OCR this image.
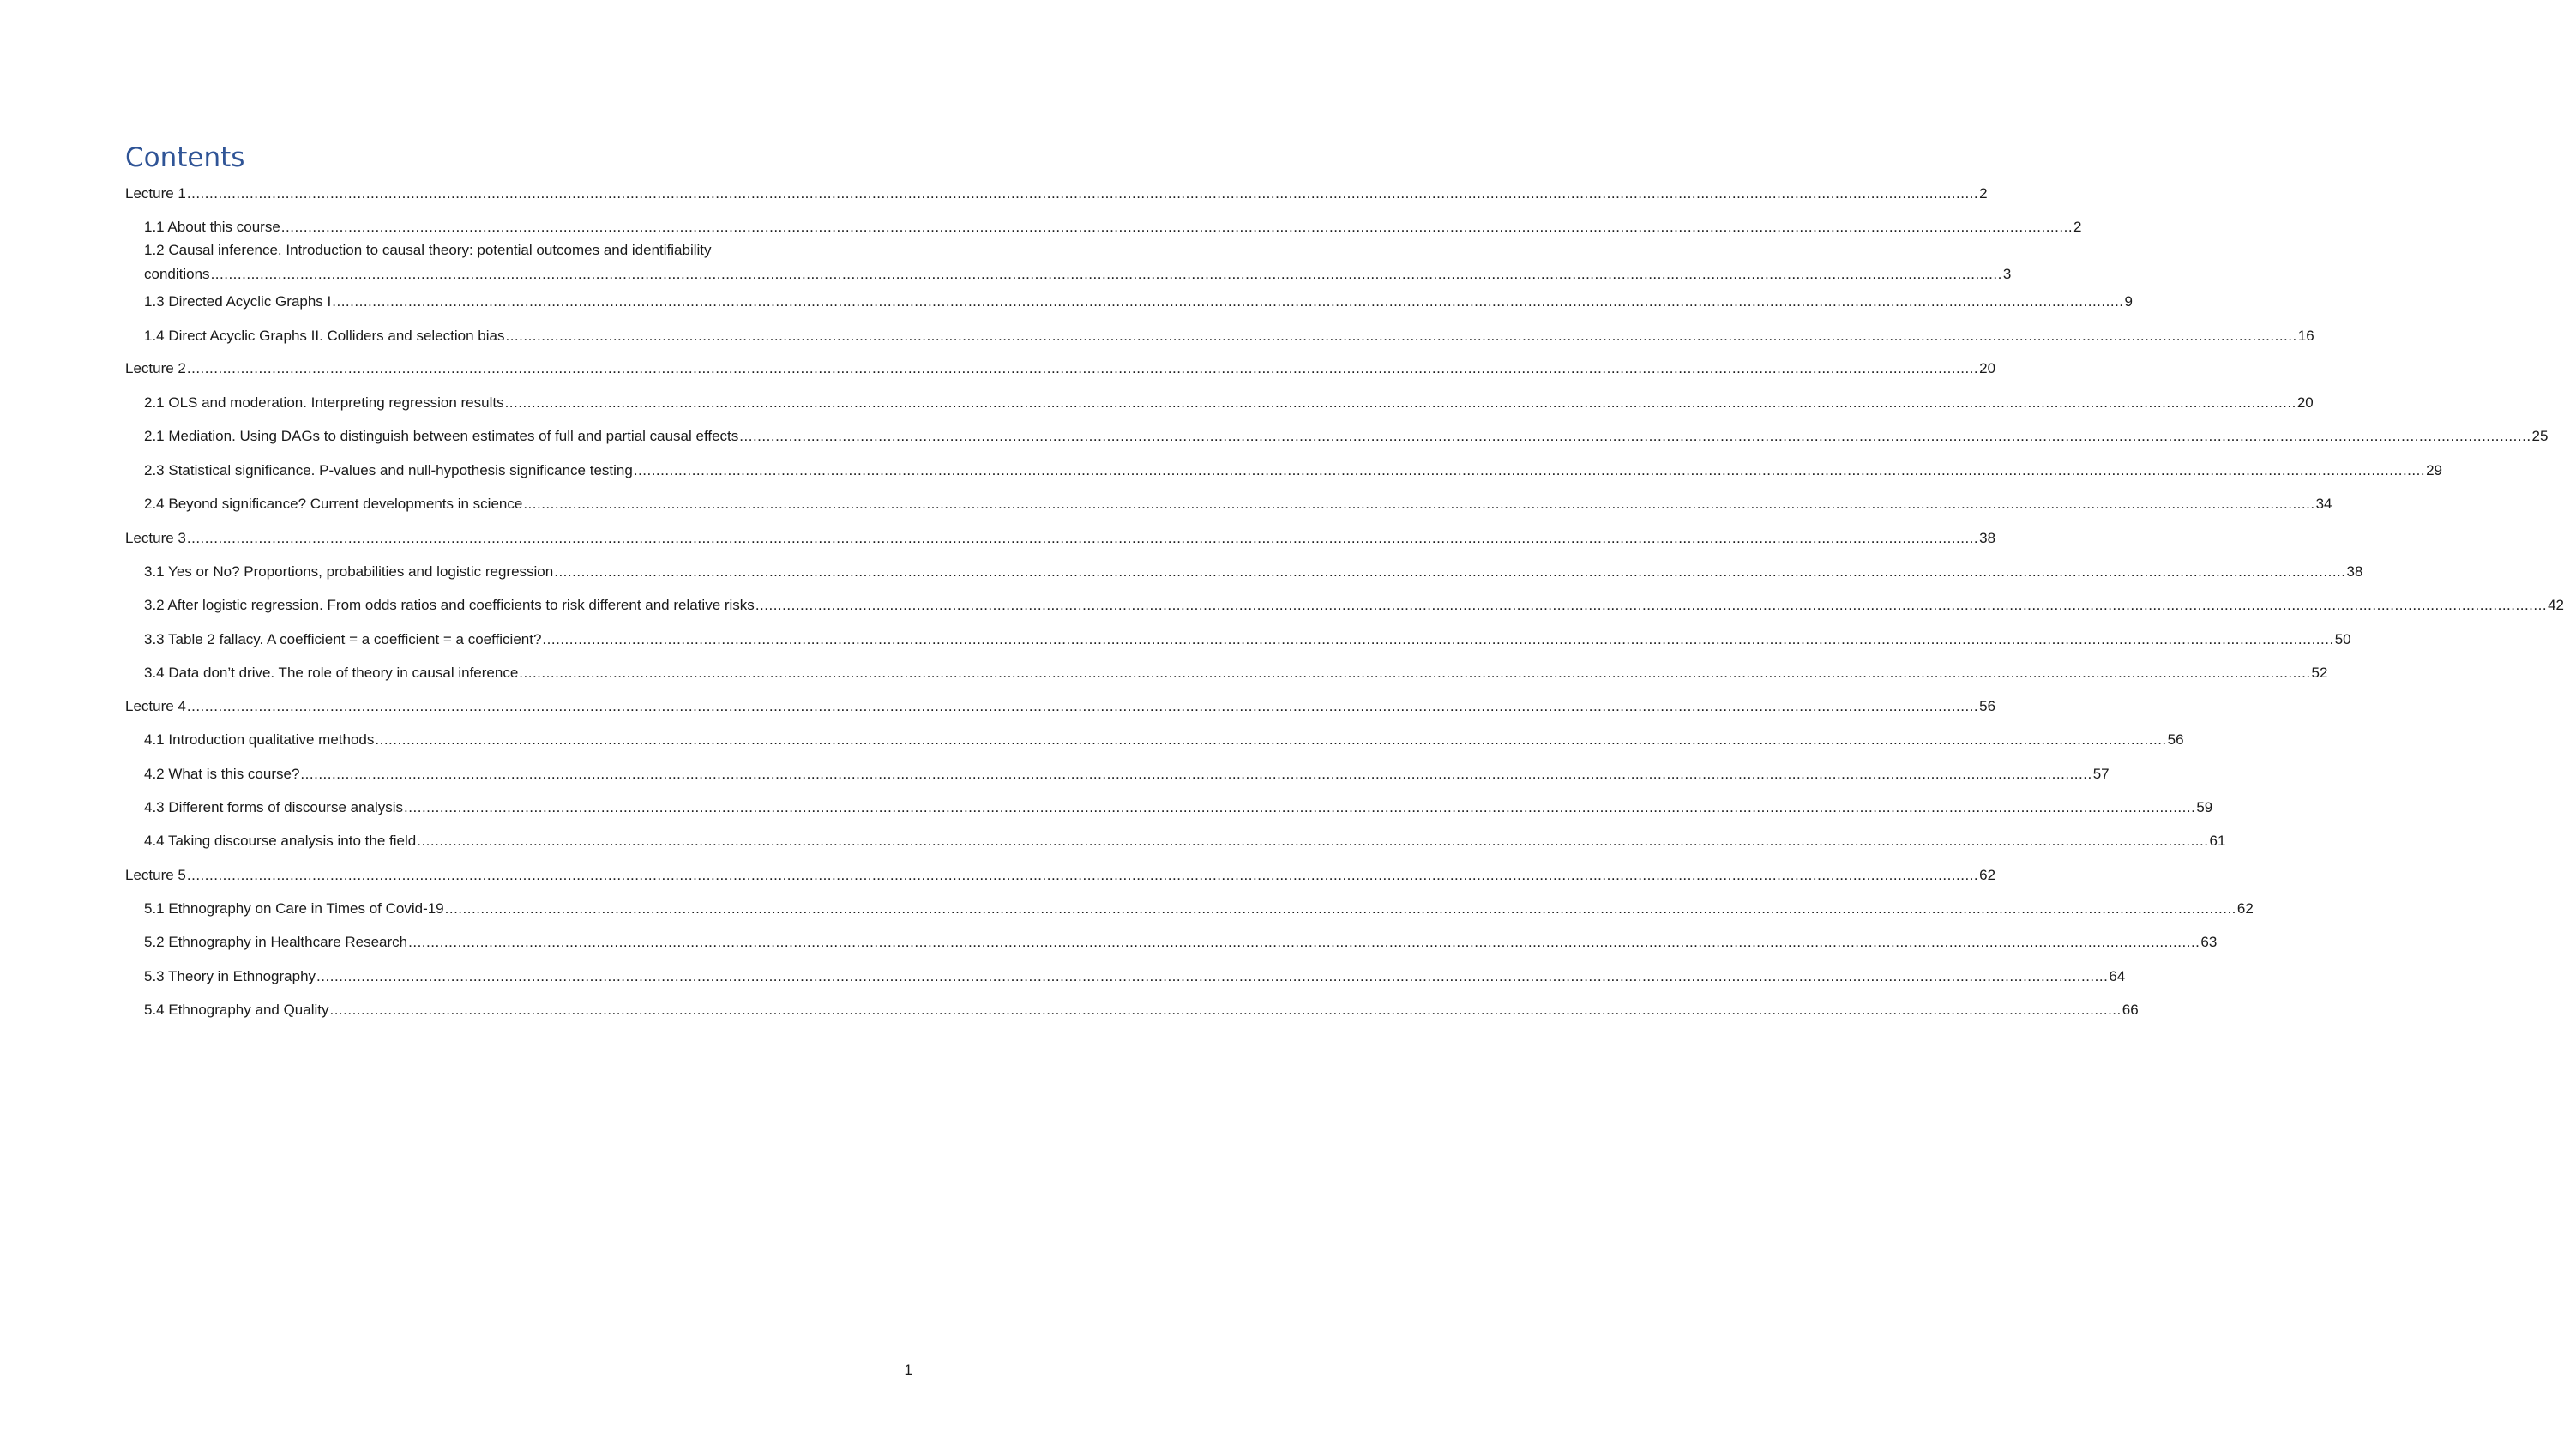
Contents
Lecture 1 ................................................................................................................................................................................................................................................................................................................................................................................................................ 2
1.1 About this course ................................................................................................................................................................................................................................................................................................................................................................................................................ 2
1.2 Causal inference. Introduction to causal theory: potential outcomes and identifiability
conditions ................................................................................................................................................................................................................................................................................................................................................................................................................ 3
1.3 Directed Acyclic Graphs I ................................................................................................................................................................................................................................................................................................................................................................................................................ 9
1.4 Direct Acyclic Graphs II. Colliders and selection bias ................................................................................................................................................................................................................................................................................................................................................................................................................ 16
Lecture 2 ................................................................................................................................................................................................................................................................................................................................................................................................................ 20
2.1 OLS and moderation. Interpreting regression results ................................................................................................................................................................................................................................................................................................................................................................................................................ 20
2.1 Mediation. Using DAGs to distinguish between estimates of full and partial causal effects ................................................................................................................................................................................................................................................................................................................................................................................................................ 25
2.3 Statistical significance. P-values and null-hypothesis significance testing ................................................................................................................................................................................................................................................................................................................................................................................................................ 29
2.4 Beyond significance? Current developments in science ................................................................................................................................................................................................................................................................................................................................................................................................................ 34
Lecture 3 ................................................................................................................................................................................................................................................................................................................................................................................................................ 38
3.1 Yes or No? Proportions, probabilities and logistic regression ................................................................................................................................................................................................................................................................................................................................................................................................................ 38
3.2 After logistic regression. From odds ratios and coefficients to risk different and relative risks ................................................................................................................................................................................................................................................................................................................................................................................................................ 42
3.3 Table 2 fallacy. A coefficient = a coefficient = a coefficient? ................................................................................................................................................................................................................................................................................................................................................................................................................ 50
3.4 Data don’t drive. The role of theory in causal inference ................................................................................................................................................................................................................................................................................................................................................................................................................ 52
Lecture 4 ................................................................................................................................................................................................................................................................................................................................................................................................................ 56
4.1 Introduction qualitative methods ................................................................................................................................................................................................................................................................................................................................................................................................................ 56
4.2 What is this course? ................................................................................................................................................................................................................................................................................................................................................................................................................ 57
4.3 Different forms of discourse analysis ................................................................................................................................................................................................................................................................................................................................................................................................................ 59
4.4 Taking discourse analysis into the field ................................................................................................................................................................................................................................................................................................................................................................................................................ 61
Lecture 5 ................................................................................................................................................................................................................................................................................................................................................................................................................ 62
5.1 Ethnography on Care in Times of Covid-19 ................................................................................................................................................................................................................................................................................................................................................................................................................ 62
5.2 Ethnography in Healthcare Research ................................................................................................................................................................................................................................................................................................................................................................................................................ 63
5.3 Theory in Ethnography ................................................................................................................................................................................................................................................................................................................................................................................................................ 64
5.4 Ethnography and Quality ................................................................................................................................................................................................................................................................................................................................................................................................................ 66
1
